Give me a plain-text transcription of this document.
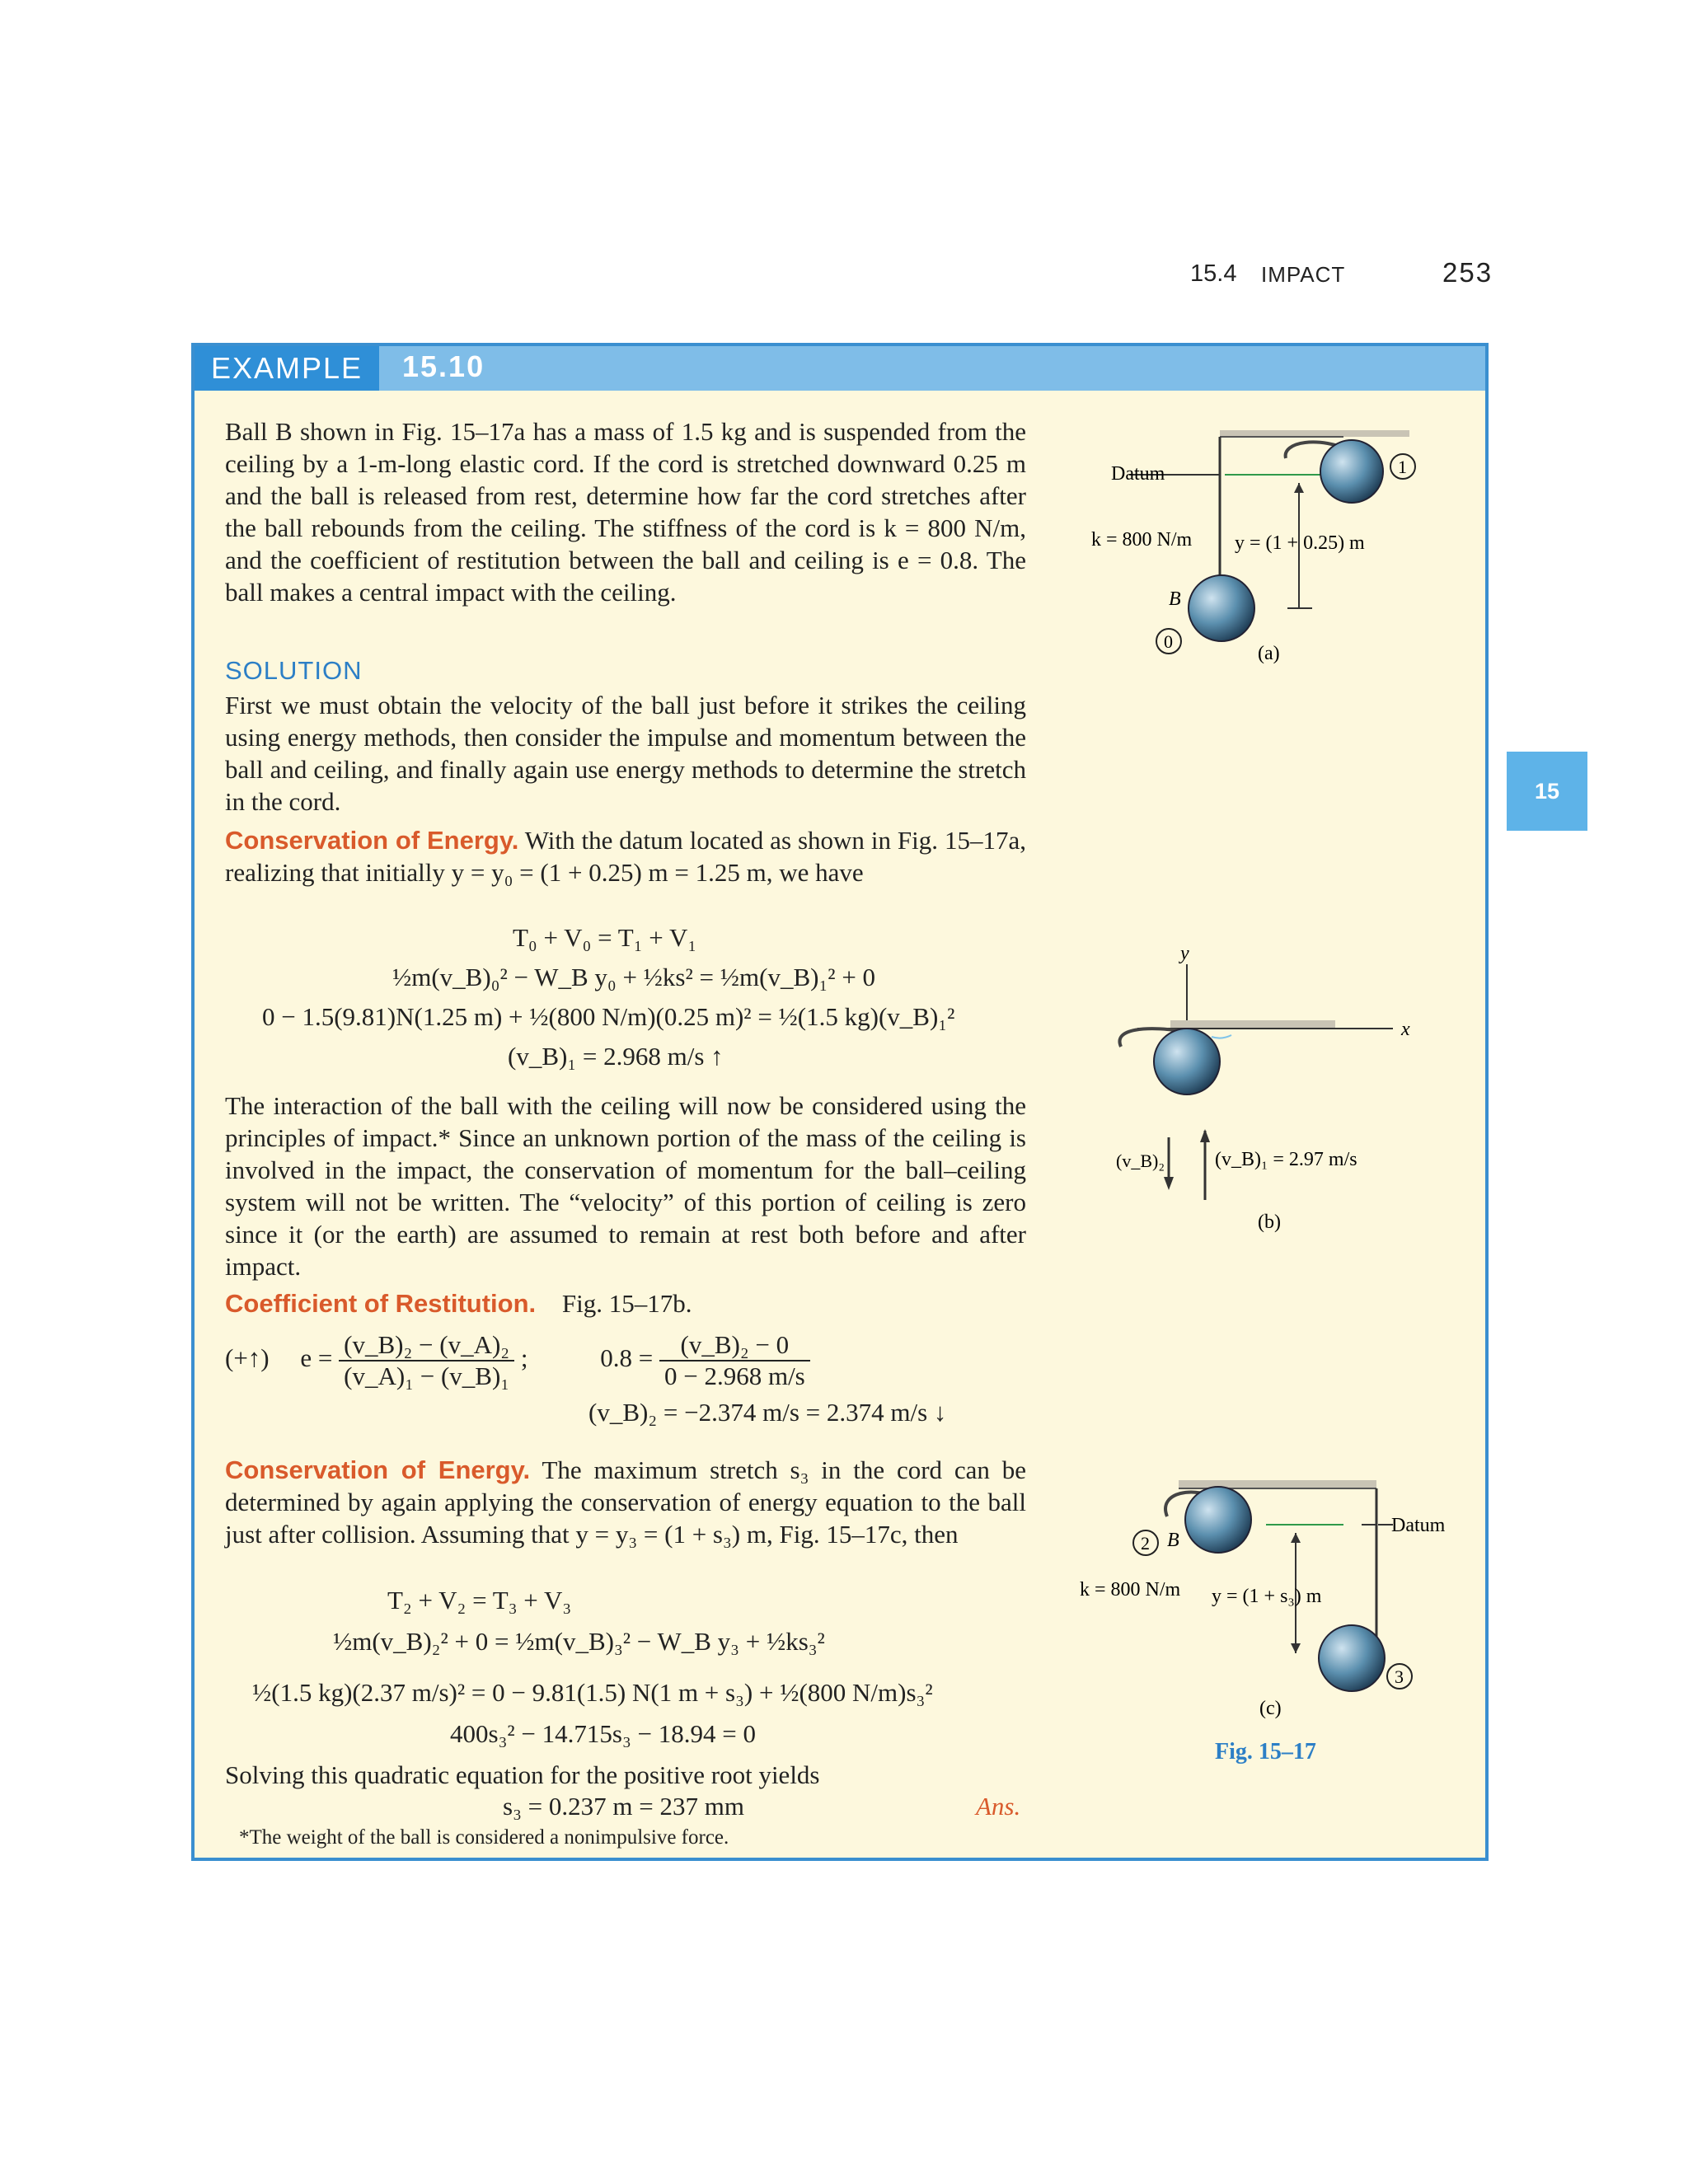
15.4 IMPACT	253
15
EXAMPLE	15.10
Ball B shown in Fig. 15–17a has a mass of 1.5 kg and is suspended from the ceiling by a 1-m-long elastic cord. If the cord is stretched downward 0.25 m and the ball is released from rest, determine how far the cord stretches after the ball rebounds from the ceiling. The stiffness of the cord is k = 800 N/m, and the coefficient of restitution between the ball and ceiling is e = 0.8. The ball makes a central impact with the ceiling.
SOLUTION
First we must obtain the velocity of the ball just before it strikes the ceiling using energy methods, then consider the impulse and momentum between the ball and ceiling, and finally again use energy methods to determine the stretch in the cord.
Conservation of Energy. With the datum located as shown in Fig. 15–17a, realizing that initially y = y₀ = (1 + 0.25) m = 1.25 m, we have
T₀ + V₀ = T₁ + V₁
½m(v_B)₀² − W_B y₀ + ½ks² = ½m(v_B)₁² + 0
0 − 1.5(9.81)N(1.25 m) + ½(800 N/m)(0.25 m)² = ½(1.5 kg)(v_B)₁²
(v_B)₁ = 2.968 m/s ↑
The interaction of the ball with the ceiling will now be considered using the principles of impact.* Since an unknown portion of the mass of the ceiling is involved in the impact, the conservation of momentum for the ball–ceiling system will not be written. The “velocity” of this portion of ceiling is zero since it (or the earth) are assumed to remain at rest both before and after impact.
Coefficient of Restitution. Fig. 15–17b.
(+↑) $e = \frac{\text{(v\_B)₂ − (v\_A)₂}}{\text{(v\_A)₁ − (v\_B)₁}}$ ;	$0.8 = \frac{\text{(v\_B)₂ − 0}}{0 - 2.968 m/s}$
(v_B)₂ = −2.374 m/s = 2.374 m/s ↓
Conservation of Energy. The maximum stretch s₃ in the cord can be determined by again applying the conservation of energy equation to the ball just after collision. Assuming that y = y₃ = (1 + s₃) m, Fig. 15–17c, then
T₂ + V₂ = T₃ + V₃
½m(v_B)₂² + 0 = ½m(v_B)₃² − W_B y₃ + ½ks₃²
½(1.5 kg)(2.37 m/s)² = 0 − 9.81(1.5) N(1 m + s₃) + ½(800 N/m)s₃²
400s₃² − 14.715s₃ − 18.94 = 0
Solving this quadratic equation for the positive root yields
s₃ = 0.237 m = 237 mm	Ans.
*The weight of the ball is considered a nonimpulsive force.
Datum	1
k = 800 N/m y = (1 + 0.25) m
B
0
(a)
y
x
(v_B)₂	(v_B)₁ = 2.97 m/s
(b)
Datum
2 B
k = 800 N/m y = (1 + s₃) m
3
(c)
Fig. 15–17
